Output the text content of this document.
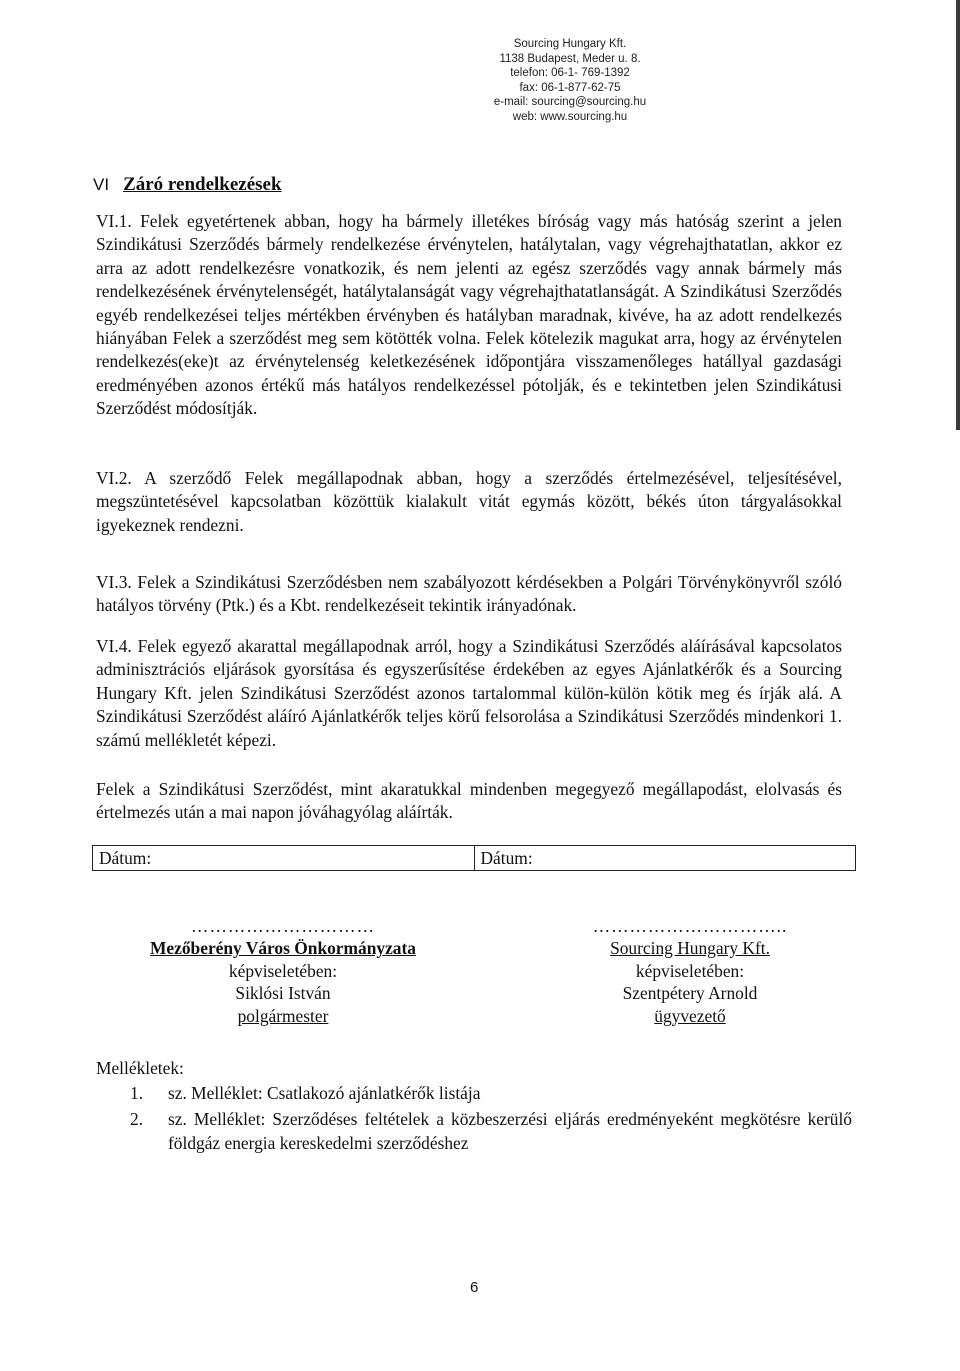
Sourcing Hungary Kft.
1138 Budapest, Meder u. 8.
telefon: 06-1- 769-1392
fax: 06-1-877-62-75
e-mail: sourcing@sourcing.hu
web: www.sourcing.hu
VI Záró rendelkezések

VI.1. Felek egyetértenek abban, hogy ha bármely illetékes bíróság vagy más hatóság szerint a jelen Szindikátusi Szerződés bármely rendelkezése érvénytelen, hatálytalan, vagy végrehajthatatlan, akkor ez arra az adott rendelkezésre vonatkozik, és nem jelenti az egész szerződés vagy annak bármely más rendelkezésének érvénytelenségét, hatálytalanságát vagy végrehajthatatlanságát. A Szindikátusi Szerződés egyéb rendelkezései teljes mértékben érvényben és hatályban maradnak, kivéve, ha az adott rendelkezés hiányában Felek a szerződést meg sem kötötték volna. Felek kötelezik magukat arra, hogy az érvénytelen rendelkezés(eke)t az érvénytelenség keletkezésének időpontjára visszamenőleges hatállyal gazdasági eredményében azonos értékű más hatályos rendelkezéssel pótolják, és e tekintetben jelen Szindikátusi Szerződést módosítják.

VI.2. A szerződő Felek megállapodnak abban, hogy a szerződés értelmezésével, teljesítésével, megszüntetésével kapcsolatban közöttük kialakult vitát egymás között, békés úton tárgyalásokkal igyekeznek rendezni.

VI.3. Felek a Szindikátusi Szerződésben nem szabályozott kérdésekben a Polgári Törvénykönyvről szóló hatályos törvény (Ptk.) és a Kbt. rendelkezéseit tekintik irányadónak.

VI.4. Felek egyező akarattal megállapodnak arról, hogy a Szindikátusi Szerződés aláírásával kapcsolatos adminisztrációs eljárások gyorsítása és egyszerűsítése érdekében az egyes Ajánlatkérők és a Sourcing Hungary Kft. jelen Szindikátusi Szerződést azonos tartalommal külön-külön kötik meg és írják alá. A Szindikátusi Szerződést aláíró Ajánlatkérők teljes körű felsorolása a Szindikátusi Szerződés mindenkori 1. számú mellékletét képezi.

Felek a Szindikátusi Szerződést, mint akaratukkal mindenben megegyező megállapodást, elolvasás és értelmezés után a mai napon jóváhagyólag aláírták.

Dátum:	Dátum:
…………………………
Mezőberény Város Önkormányzata
képviseletében:
Siklósi István
polgármester
…………………………..
Sourcing Hungary Kft.
képviseletében:
Szentpétery Arnold
ügyvezető
Mellékletek:
1.	sz. Melléklet: Csatlakozó ajánlatkérők listája
2.	sz. Melléklet: Szerződéses feltételek a közbeszerzési eljárás eredményeként megkötésre kerülő földgáz energia kereskedelmi szerződéshez
6
